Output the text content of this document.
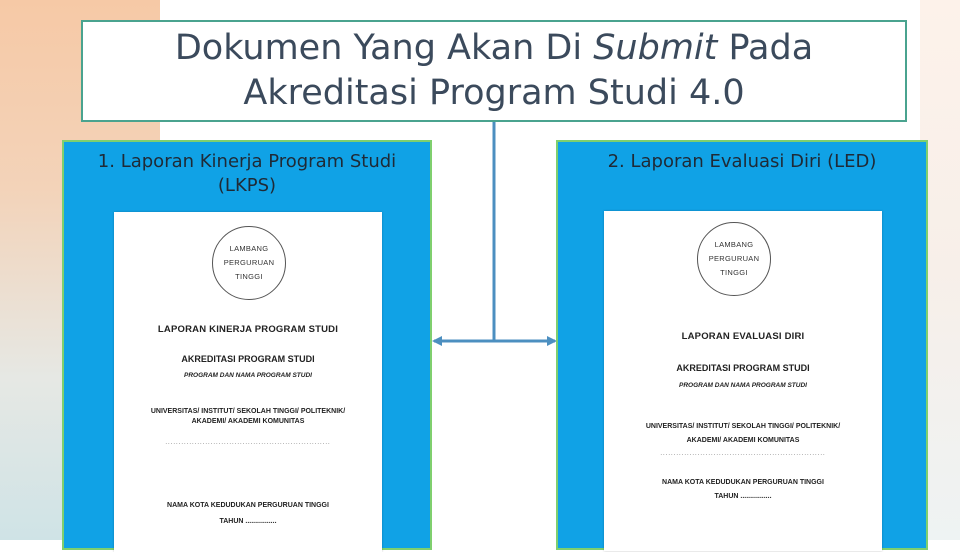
Dokumen Yang Akan Di Submit Pada
Akreditasi Program Studi 4.0
1. Laporan Kinerja Program Studi (LKPS)
LAMBANG
PERGURUAN
TINGGI
LAPORAN KINERJA PROGRAM STUDI
AKREDITASI PROGRAM STUDI
PROGRAM DAN NAMA PROGRAM STUDI
UNIVERSITAS/ INSTITUT/ SEKOLAH TINGGI/ POLITEKNIK/
AKADEMI/ AKADEMI KOMUNITAS
..............................................................
NAMA KOTA KEDUDUKAN PERGURUAN TINGGI
TAHUN ................
2. Laporan Evaluasi Diri (LED)
LAMBANG
PERGURUAN
TINGGI
LAPORAN EVALUASI DIRI
AKREDITASI PROGRAM STUDI
PROGRAM DAN NAMA PROGRAM STUDI
UNIVERSITAS/ INSTITUT/ SEKOLAH TINGGI/ POLITEKNIK/
AKADEMI/ AKADEMI KOMUNITAS
..............................................................
NAMA KOTA KEDUDUKAN PERGURUAN TINGGI
TAHUN ................
